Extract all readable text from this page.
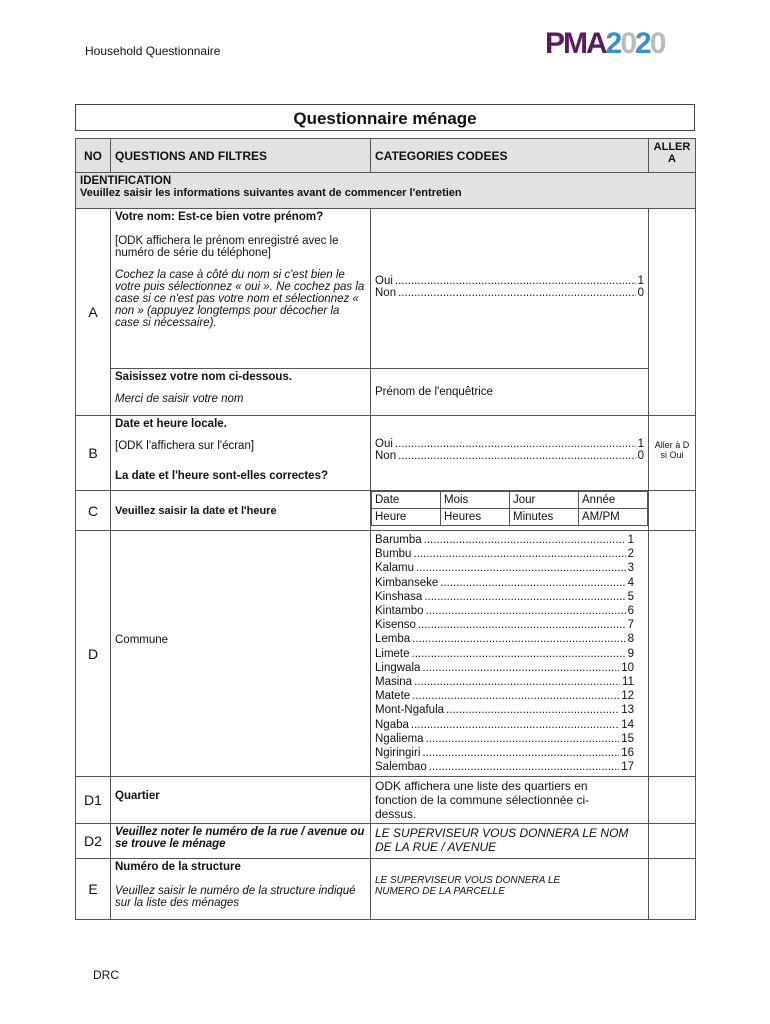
Household Questionnaire	PMA2020
Questionnaire ménage
NO	QUESTIONS AND FILTRES	CATEGORIES CODEES	ALLER A

IDENTIFICATION
Veuillez saisir les informations suivantes avant de commencer l'entretien

A	
Votre nom: Est-ce bien votre prénom?
[ODK affichera le prénom enregistré avec le numéro de série du téléphone]
Cochez la case à côté du nom si c'est bien le votre puis sélectionnez « oui ». Ne cochez pas la case si ce n'est pas votre nom et sélectionnez « non » (appuyez longtemps pour décocher la case si nécessaire).

Oui .....	1
Non .....	0

Saisissez votre nom ci-dessous.
Merci de saisir votre nom
	Prénom de l'enquêtrice
B	
Date et heure locale.
[ODK l'affichera sur l'écran]
La date et l'heure sont-elles correctes?

Oui .....	1
Non .....	0
	Aller à D si Oui
C	Veuillez saisir la date et l'heure	
Date	Mois	Jour	Année
Heure	Heures	Minutes	AM/PM

D	Commune	
Barumba .....	1
Bumbu .....	2
Kalamu .....	3
Kimbanseke .....	4
Kinshasa .....	5
Kintambo .....	6
Kisenso .....	7
Lemba .....	8
Limete .....	9
Lingwala .....	10
Masina .....	11
Matete .....	12
Mont-Ngafula .....	13
Ngaba .....	14
Ngaliema .....	15
Ngiringiri .....	16
Salembao .....	17

D1	Quartier	ODK affichera une liste des quartiers en fonction de la commune sélectionnée ci-dessus.	
D2	Veuillez noter le numéro de la rue / avenue ou se trouve le ménage	LE SUPERVISEUR VOUS DONNERA LE NOM DE LA RUE / AVENUE	
E	
Numéro de la structure
Veuillez saisir le numéro de la structure indiqué sur la liste des ménages
	LE SUPERVISEUR VOUS DONNERA LE NUMERO DE LA PARCELLE	
DRC
